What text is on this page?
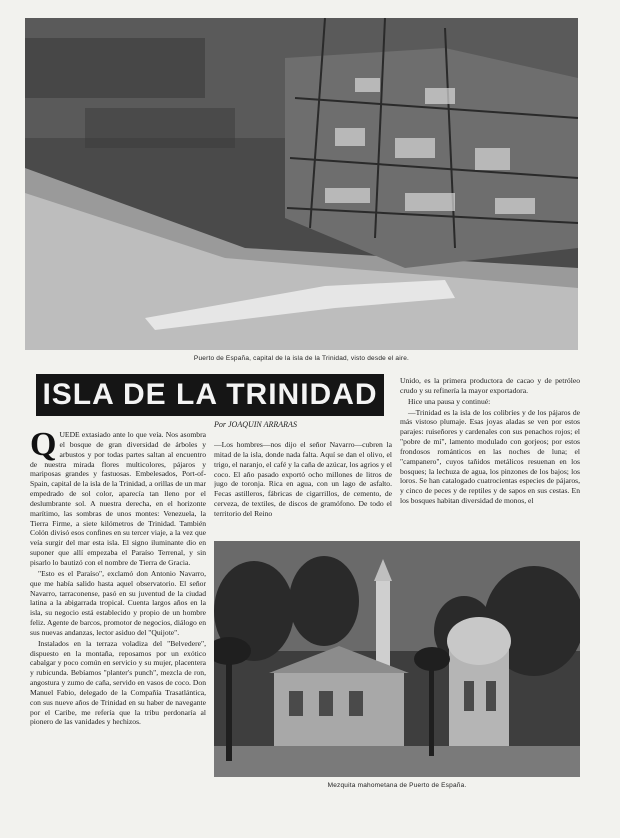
Puerto de España, capital de la isla de la Trinidad, visto desde el aire.
ISLA DE LA TRINIDAD
Por JOAQUIN ARRARAS

QUEDE extasiado ante lo que veía. Nos asombra el bosque de gran diversidad de árboles y arbustos y por todas partes saltan al encuentro de nuestra mirada flores multicolores, pájaros y mariposas grandes y fastuosas. Embelesados, Port-of-Spain, capital de la isla de la Trinidad, a orillas de un mar empedrado de sol color, aparecía tan lleno por el deslumbrante sol. A nuestra derecha, en el horizonte marítimo, las sombras de unos montes: Venezuela, la Tierra Firme, a siete kilómetros de Trinidad. También Colón divisó esos confines en su tercer viaje, a la vez que veía surgir del mar esta isla. El signo iluminante dio en suponer que allí empezaba el Paraíso Terrenal, y sin pisarlo lo bautizó con el nombre de Tierra de Gracia.

"Esto es el Paraíso", exclamó don Antonio Navarro, que me había salido hasta aquel observatorio. El señor Navarro, tarraconense, pasó en su juventud de la ciudad latina a la abigarrada tropical. Cuenta largos años en la isla, su negocio está establecido y propio de un hombre feliz. Agente de barcos, promotor de negocios, diálogo en sus nuevas andanzas, lector asiduo del "Quijote".

Instalados en la terraza voladiza del "Belvedere", dispuesto en la montaña, reposamos por un exótico cabalgar y poco común en servicio y su mujer, placentera y rubicunda. Bebíamos "planter's punch", mezcla de ron, angostura y zumo de caña, servido en vasos de coco. Don Manuel Fabio, delegado de la Compañía Trasatlántica, con sus nueve años de Trinidad en su haber de navegante por el Caribe, me refería que la tribu perdonaría al pionero de las vanidades y hechizos.

—Los hombres—nos dijo el señor Navarro—cubren la mitad de la isla, donde nada falta. Aquí se dan el olivo, el trigo, el naranjo, el café y la caña de azúcar, los agrios y el coco. El año pasado exportó ocho millones de litros de jugo de toronja. Rica en agua, con un lago de asfalto. Fecas astilleros, fábricas de cigarrillos, de cemento, de cerveza, de textiles, de discos de gramófono. De todo el territorio del Reino

Unido, es la primera productora de cacao y de petróleo crudo y su refinería la mayor exportadora.

Hice una pausa y continué:

—Trinidad es la isla de los colibríes y de los pájaros de más vistoso plumaje. Esas joyas aladas se ven por estos parajes: ruiseñores y cardenales con sus penachos rojos; el "pobre de mí", lamento modulado con gorjeos; por estos frondosos románticos en las noches de luna; el "campanero", cuyos tañidos metálicos resuenan en los bosques; la lechuza de agua, los pinzones de los bajos; los loros. Se han catalogado cuatrocientas especies de pájaros, y cinco de peces y de reptiles y de sapos en sus cestas. En los bosques habitan diversidad de monos, el

Mezquita mahometana de Puerto de España.
